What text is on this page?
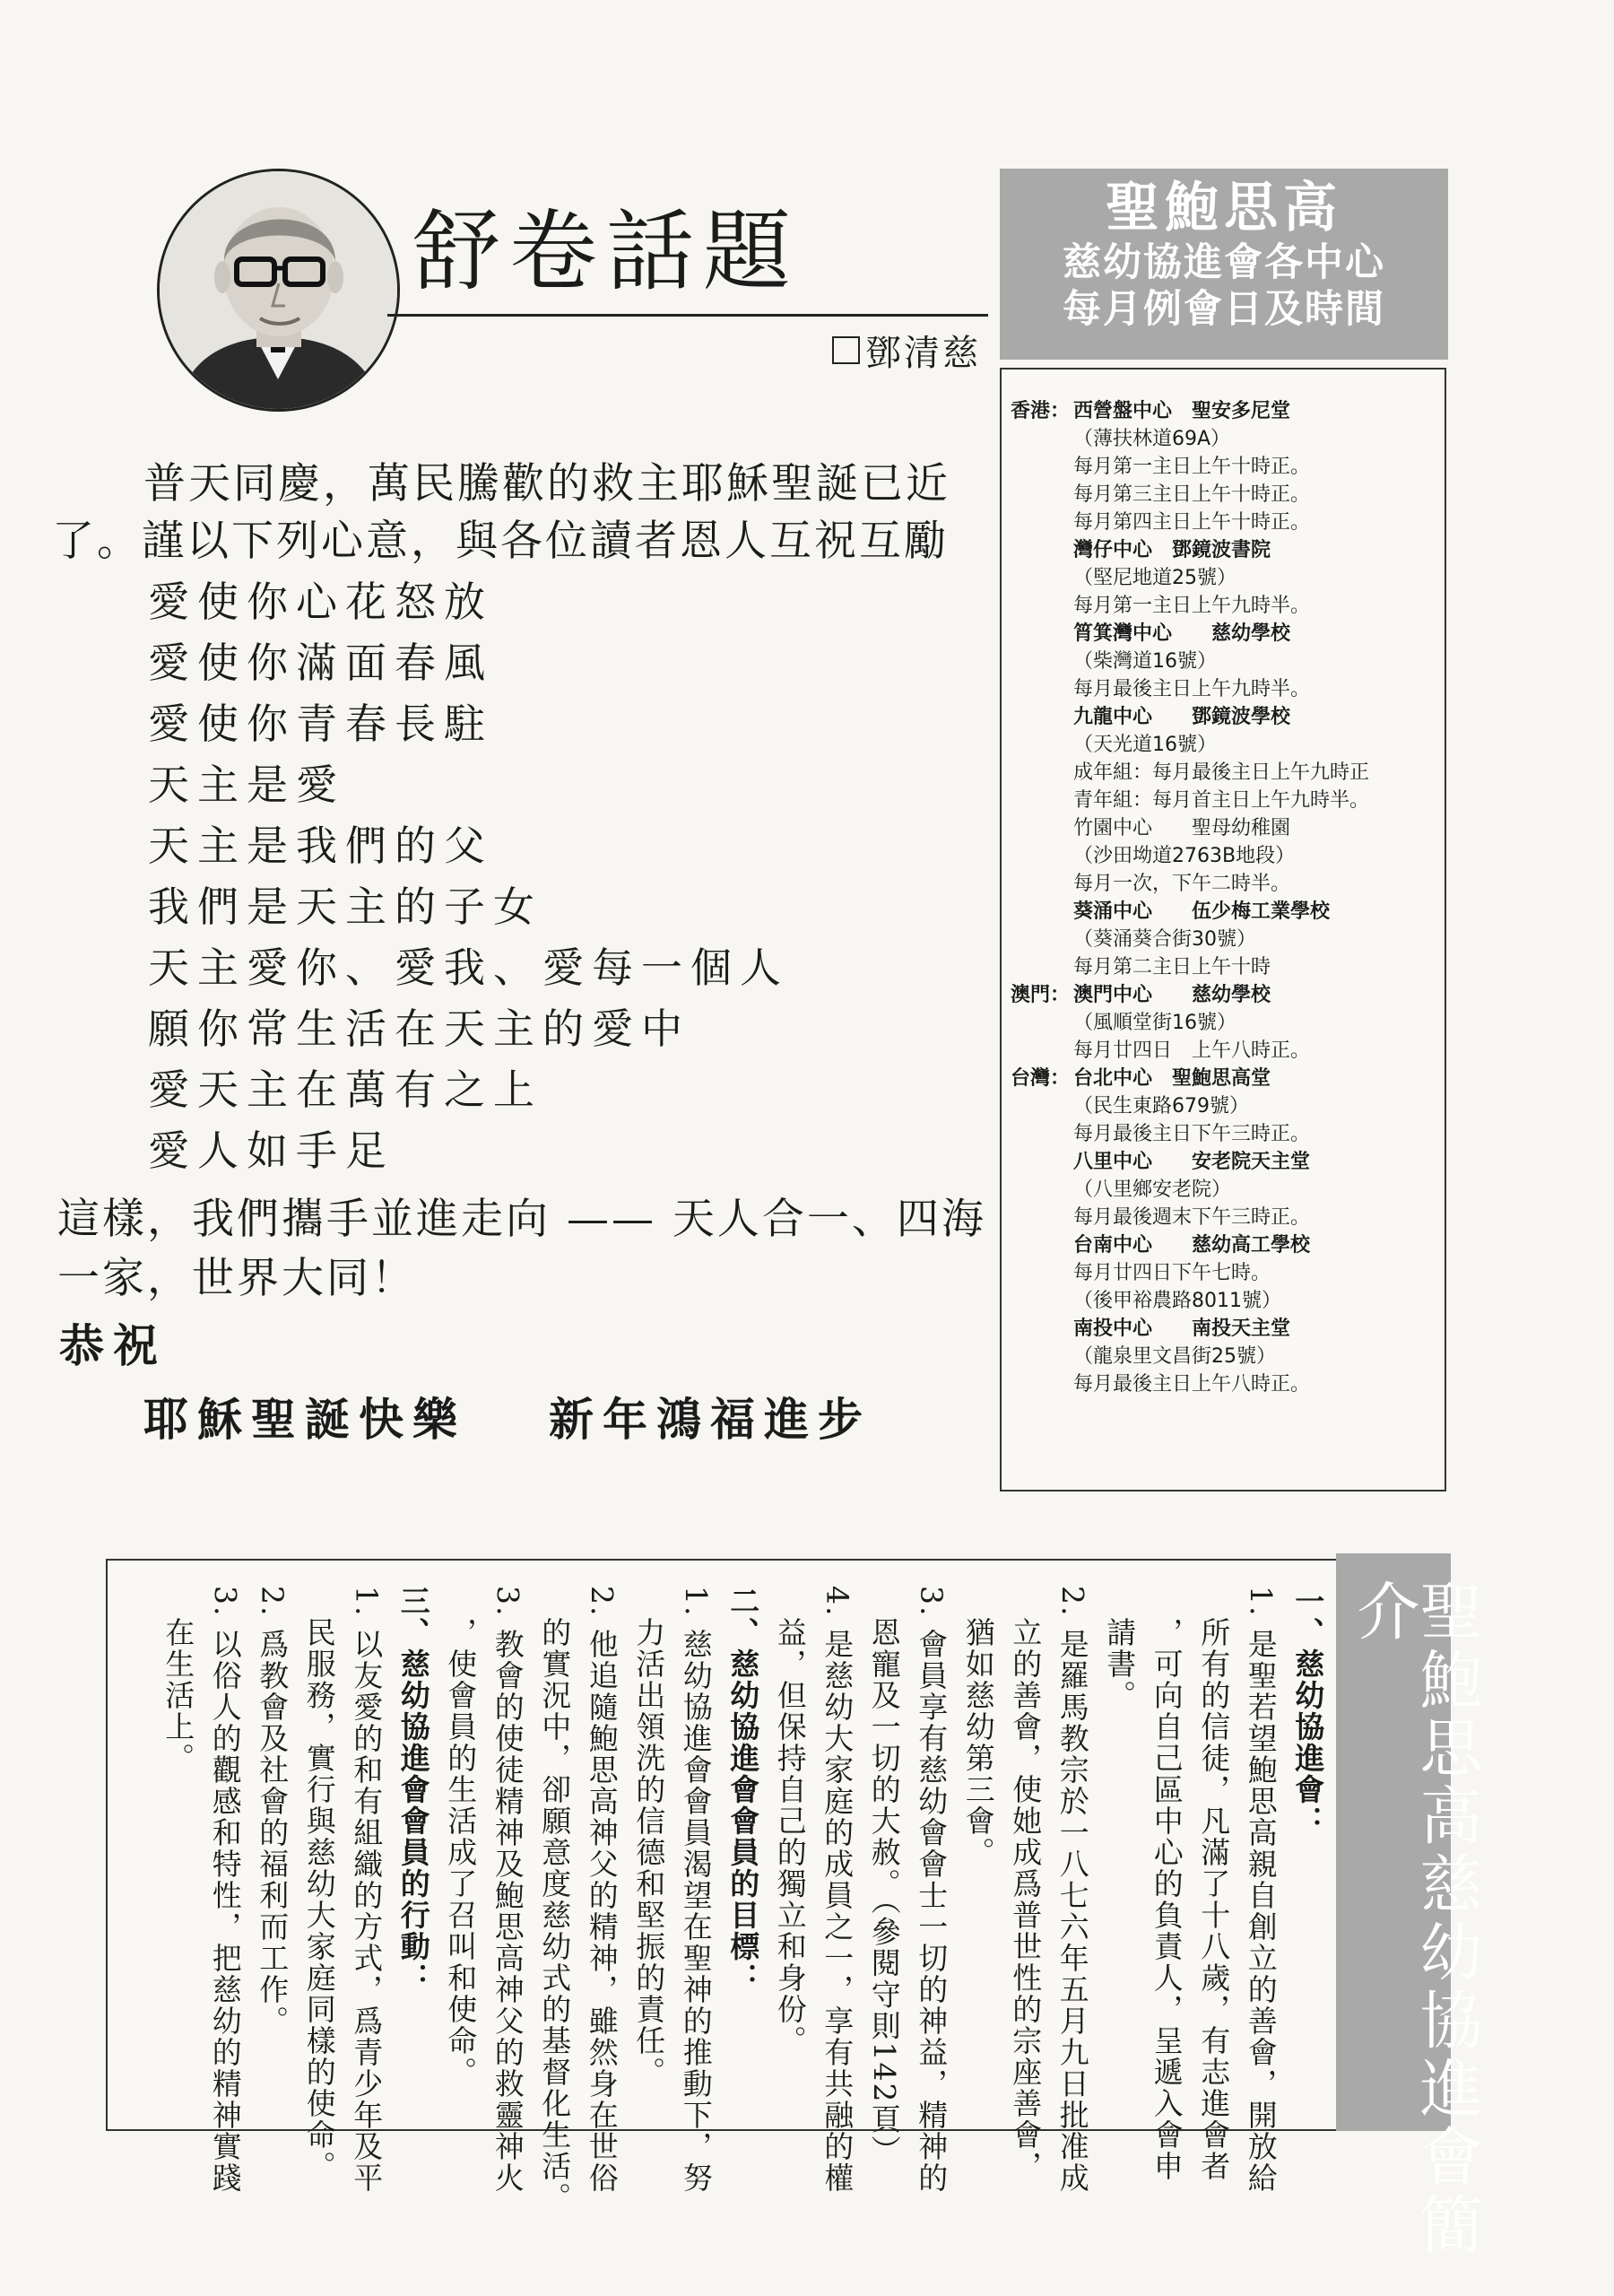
舒卷話題
鄧清慈
普天同慶，萬民騰歡的救主耶穌聖誕已近
了。謹以下列心意，與各位讀者恩人互祝互勵
愛使你心花怒放
愛使你滿面春風
愛使你青春長駐
天主是愛
天主是我們的父
我們是天主的子女
天主愛你、愛我、愛每一個人
願你常生活在天主的愛中
愛天主在萬有之上
愛人如手足
這樣，我們攜手並進走向 —— 天人合一、四海
一家，世界大同！
恭祝
耶穌聖誕快樂 新年鴻福進步
聖鮑思高
慈幼協進會各中心
每月例會日及時間
香港： 西營盤中心　聖安多尼堂
（薄扶林道69A）
每月第一主日上午十時正。
每月第三主日上午十時正。
每月第四主日上午十時正。
灣仔中心　鄧鏡波書院
（堅尼地道25號）
每月第一主日上午九時半。
筲箕灣中心　　慈幼學校
（柴灣道16號）
每月最後主日上午九時半。
九龍中心　　鄧鏡波學校
（天光道16號）
成年組：每月最後主日上午九時正
青年組：每月首主日上午九時半。
竹園中心　　聖母幼稚園
（沙田坳道2763B地段）
每月一次，下午二時半。
葵涌中心　　伍少梅工業學校
（葵涌葵合街30號）
每月第二主日上午十時
澳門： 澳門中心　　慈幼學校
（風順堂街16號）
每月廿四日　上午八時正。
台灣： 台北中心　聖鮑思高堂
（民生東路679號）
每月最後主日下午三時正。
八里中心　　安老院天主堂
（八里鄉安老院）
每月最後週末下午三時正。
台南中心　　慈幼高工學校
每月廿四日下午七時。
（後甲裕農路8011號）
南投中心　　南投天主堂
（龍泉里文昌街25號）
每月最後主日上午八時正。
聖鮑思高慈幼協進會簡介
一、慈幼協進會：
1. 是聖若望鮑思高親自創立的善會，開放給
　所有的信徒，凡滿了十八歲，有志進會者
　，可向自己區中心的負責人，呈遞入會申
　請書。
2. 是羅馬教宗於一八七六年五月九日批准成
　立的善會，使她成爲普世性的宗座善會，
　猶如慈幼第三會。
3. 會員享有慈幼會會士一切的神益，精神的
　恩寵及一切的大赦。（參閱守則142頁）
4. 是慈幼大家庭的成員之一，享有共融的權
　益，但保持自己的獨立和身份。
二、慈幼協進會會員的目標：
1. 慈幼協進會會員渴望在聖神的推動下，努
　力活出領洗的信德和堅振的責任。
2. 他追隨鮑思高神父的精神，雖然身在世俗
　的實況中，卻願意度慈幼式的基督化生活。
3. 教會的使徒精神及鮑思高神父的救靈神火
　，使會員的生活成了召叫和使命。
三、慈幼協進會會員的行動：
1. 以友愛的和有組織的方式，爲青少年及平
　民服務，實行與慈幼大家庭同樣的使命。
2. 爲教會及社會的福利而工作。
3. 以俗人的觀感和特性，把慈幼的精神實踐
　在生活上。
